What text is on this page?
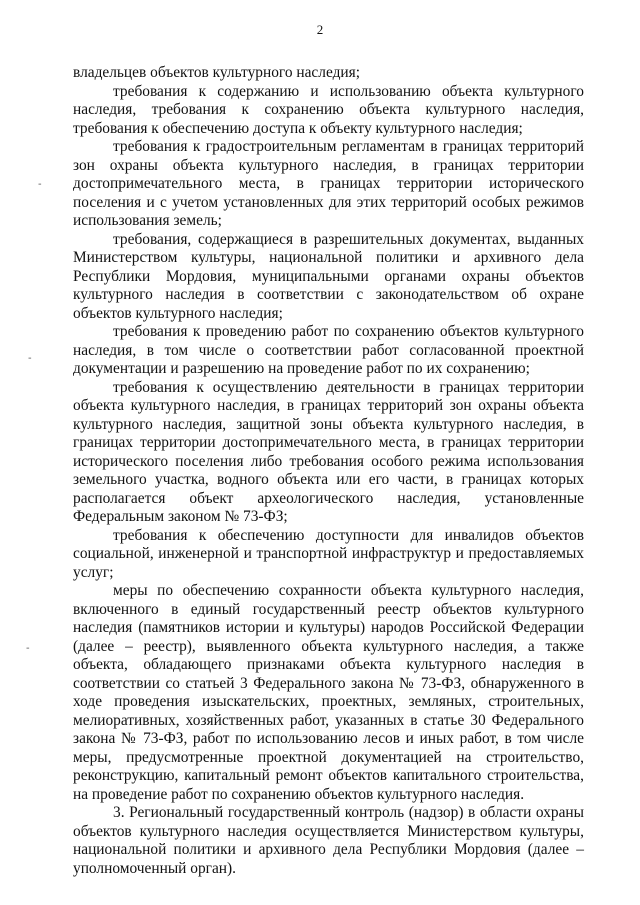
2
-
-
-

владельцев объектов культурного наследия;

требования к содержанию и использованию объекта культурного наследия, требования к сохранению объекта культурного наследия, требования к обеспечению доступа к объекту культурного наследия;

требования к градостроительным регламентам в границах территорий зон охраны объекта культурного наследия, в границах территории достопримечательного места, в границах территории исторического поселения и с учетом установленных для этих территорий особых режимов использования земель;

требования, содержащиеся в разрешительных документах, выданных Министерством культуры, национальной политики и архивного дела Республики Мордовия, муниципальными органами охраны объектов культурного наследия в соответствии с законодательством об охране объектов культурного наследия;

требования к проведению работ по сохранению объектов культурного наследия, в том числе о соответствии работ согласованной проектной документации и разрешению на проведение работ по их сохранению;

требования к осуществлению деятельности в границах территории объекта культурного наследия, в границах территорий зон охраны объекта культурного наследия, защитной зоны объекта культурного наследия, в границах территории достопримечательного места, в границах территории исторического поселения либо требования особого режима использования земельного участка, водного объекта или его части, в границах которых располагается объект археологического наследия, установленные Федеральным законом № 73-ФЗ;

требования к обеспечению доступности для инвалидов объектов социальной, инженерной и транспортной инфраструктур и предоставляемых услуг;

меры по обеспечению сохранности объекта культурного наследия, включенного в единый государственный реестр объектов культурного наследия (памятников истории и культуры) народов Российской Федерации (далее – реестр), выявленного объекта культурного наследия, а также объекта, обладающего признаками объекта культурного наследия в соответствии со статьей 3 Федерального закона № 73-ФЗ, обнаруженного в ходе проведения изыскательских, проектных, земляных, строительных, мелиоративных, хозяйственных работ, указанных в статье 30 Федерального закона № 73-ФЗ, работ по использованию лесов и иных работ, в том числе меры, предусмотренные проектной документацией на строительство, реконструкцию, капитальный ремонт объектов капитального строительства, на проведение работ по сохранению объектов культурного наследия.

3. Региональный государственный контроль (надзор) в области охраны объектов культурного наследия осуществляется Министерством культуры, национальной политики и архивного дела Республики Мордовия (далее – уполномоченный орган).
